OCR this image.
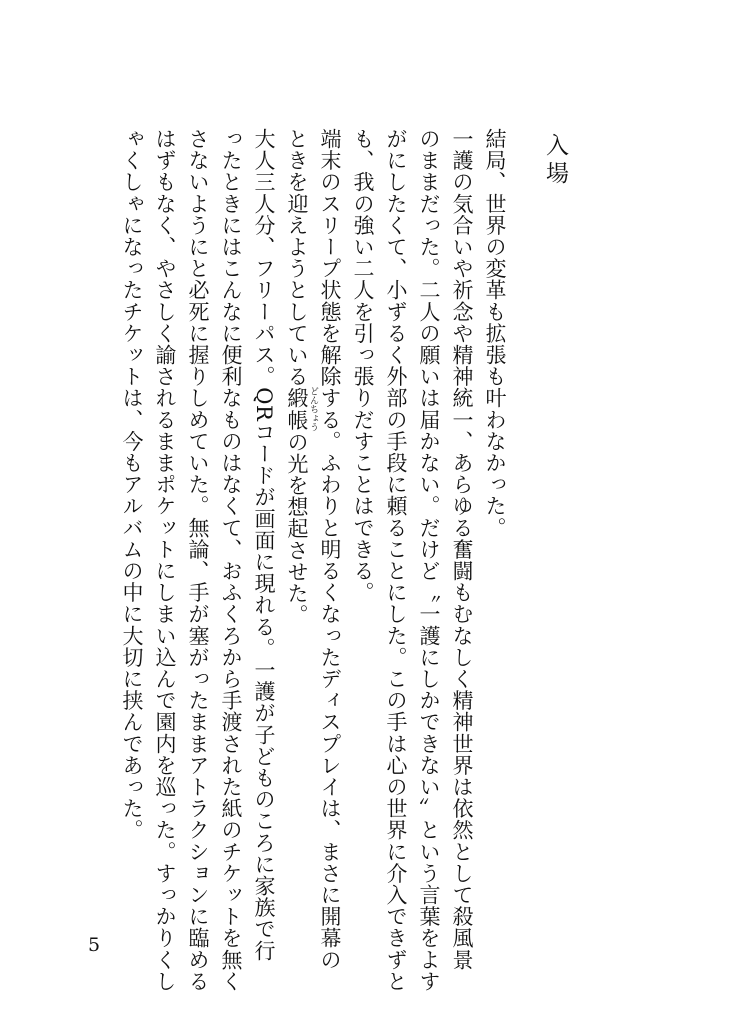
入場

結局、世界の変革も拡張も叶わなかった。

一護の気合いや祈念や精神統一、あらゆる奮闘もむなしく精神世界は依然として殺風景

のままだった。二人の願いは届かない。だけど〝一護にしかできない〟という言葉をよす

がにしたくて、小ずるく外部の手段に頼ることにした。この手は心の世界に介入できずと

も、我の強い二人を引っ張りだすことはできる。

端末のスリープ状態を解除する。ふわりと明るくなったディスプレイは、まさに開幕の

ときを迎えようとしている緞帳 どんちょうの光を想起させた。

大人三人分、フリーパス。QRコードが画面に現れる。一護が子どものころに家族で行

ったときにはこんなに便利なものはなくて、おふくろから手渡された紙のチケットを無く

さないようにと必死に握りしめていた。無論、手が塞がったままアトラクションに臨める

はずもなく、やさしく諭されるままポケットにしまい込んで園内を巡った。すっかりくし

ゃくしゃになったチケットは、今もアルバムの中に大切に挟んであった。

5
